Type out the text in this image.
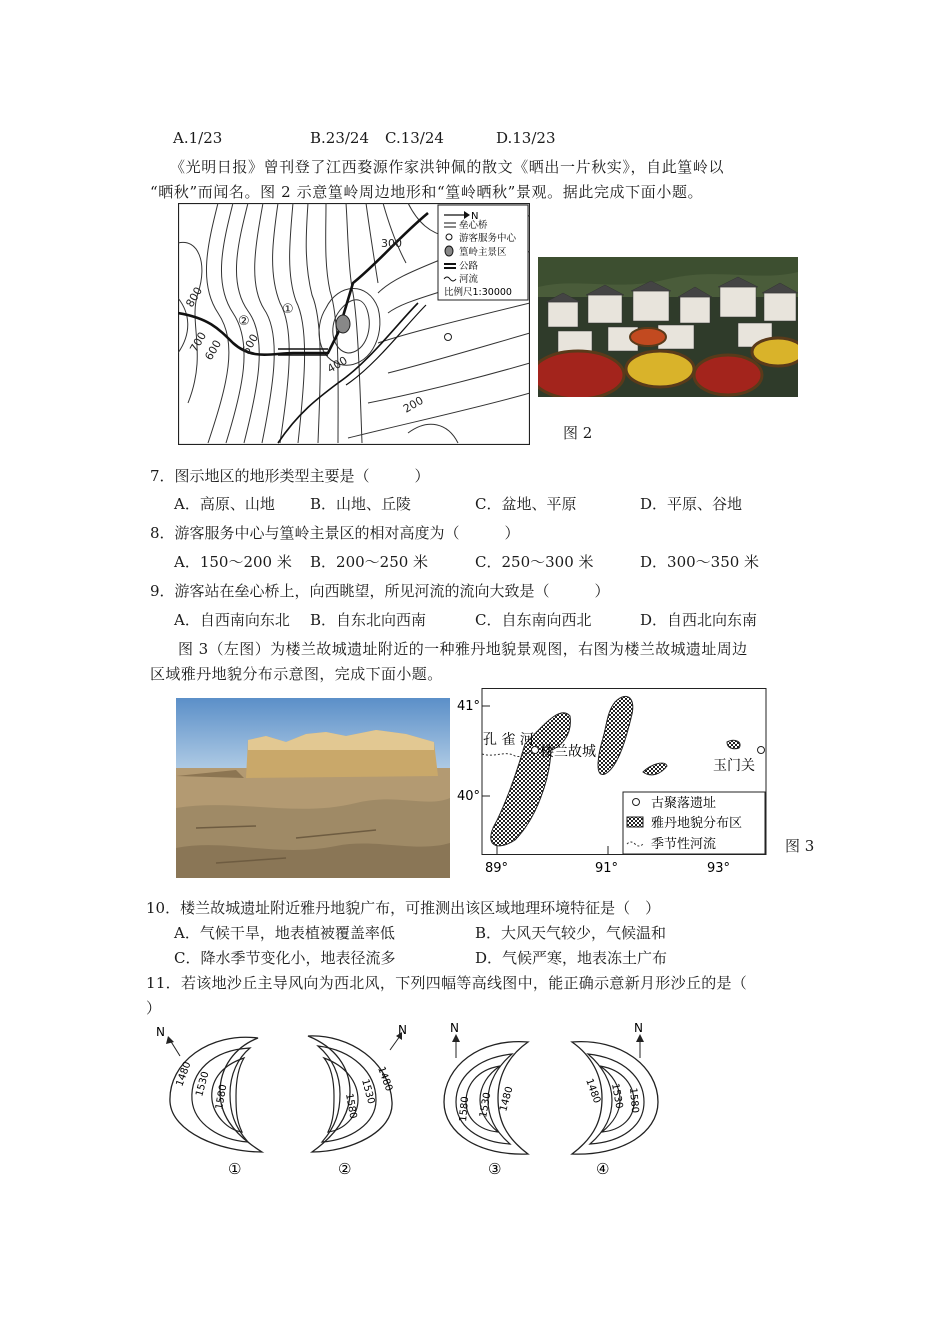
A.1/23	B.23/24 C.13/24	D.13/23
《光明日报》曾刊登了江西婺源作家洪钟佩的散文《晒出一片秋实》，自此篁岭以
“晒秋”而闻名。图 2 示意篁岭周边地形和“篁岭晒秋”景观。据此完成下面小题。
300
800
700
600 500
400
200
①
②
N
垒心桥
游客服务中心
篁岭主景区
公路
河流
比例尺1:30000
图 2
7．图示地区的地形类型主要是（　　　）
A．高原、山地 B．山地、丘陵	C．盆地、平原	D．平原、谷地
8．游客服务中心与篁岭主景区的相对高度为（　　　）
A．150～200 米 B．200～250 米	C．250～300 米	D．300～350 米
9．游客站在垒心桥上，向西眺望，所见河流的流向大致是（　　　）
A．自西南向东北 B．自东北向西南	C．自东南向西北	D．自西北向东南
图 3（左图）为楼兰故城遗址附近的一种雅丹地貌景观图，右图为楼兰故城遗址周边
区域雅丹地貌分布示意图，完成下面小题。
41°
40°
89°	91°	93°
孔 雀 河
楼兰故城
玉门关
古聚落遗址
雅丹地貌分布区
季节性河流	图 3
10．楼兰故城遗址附近雅丹地貌广布，可推测出该区域地理环境特征是（　）
A．气候干旱，地表植被覆盖率低	B．大风天气较少，气候温和
C．降水季节变化小，地表径流多	D．气候严寒，地表冻土广布
11．若该地沙丘主导风向为西北风，下列四幅等高线图中，能正确示意新月形沙丘的是（
）
N
1480 1530 1580
①
N
1480
1530
1580
②
N
1580 1530 1480
③
N
1480 1530 1580
④
